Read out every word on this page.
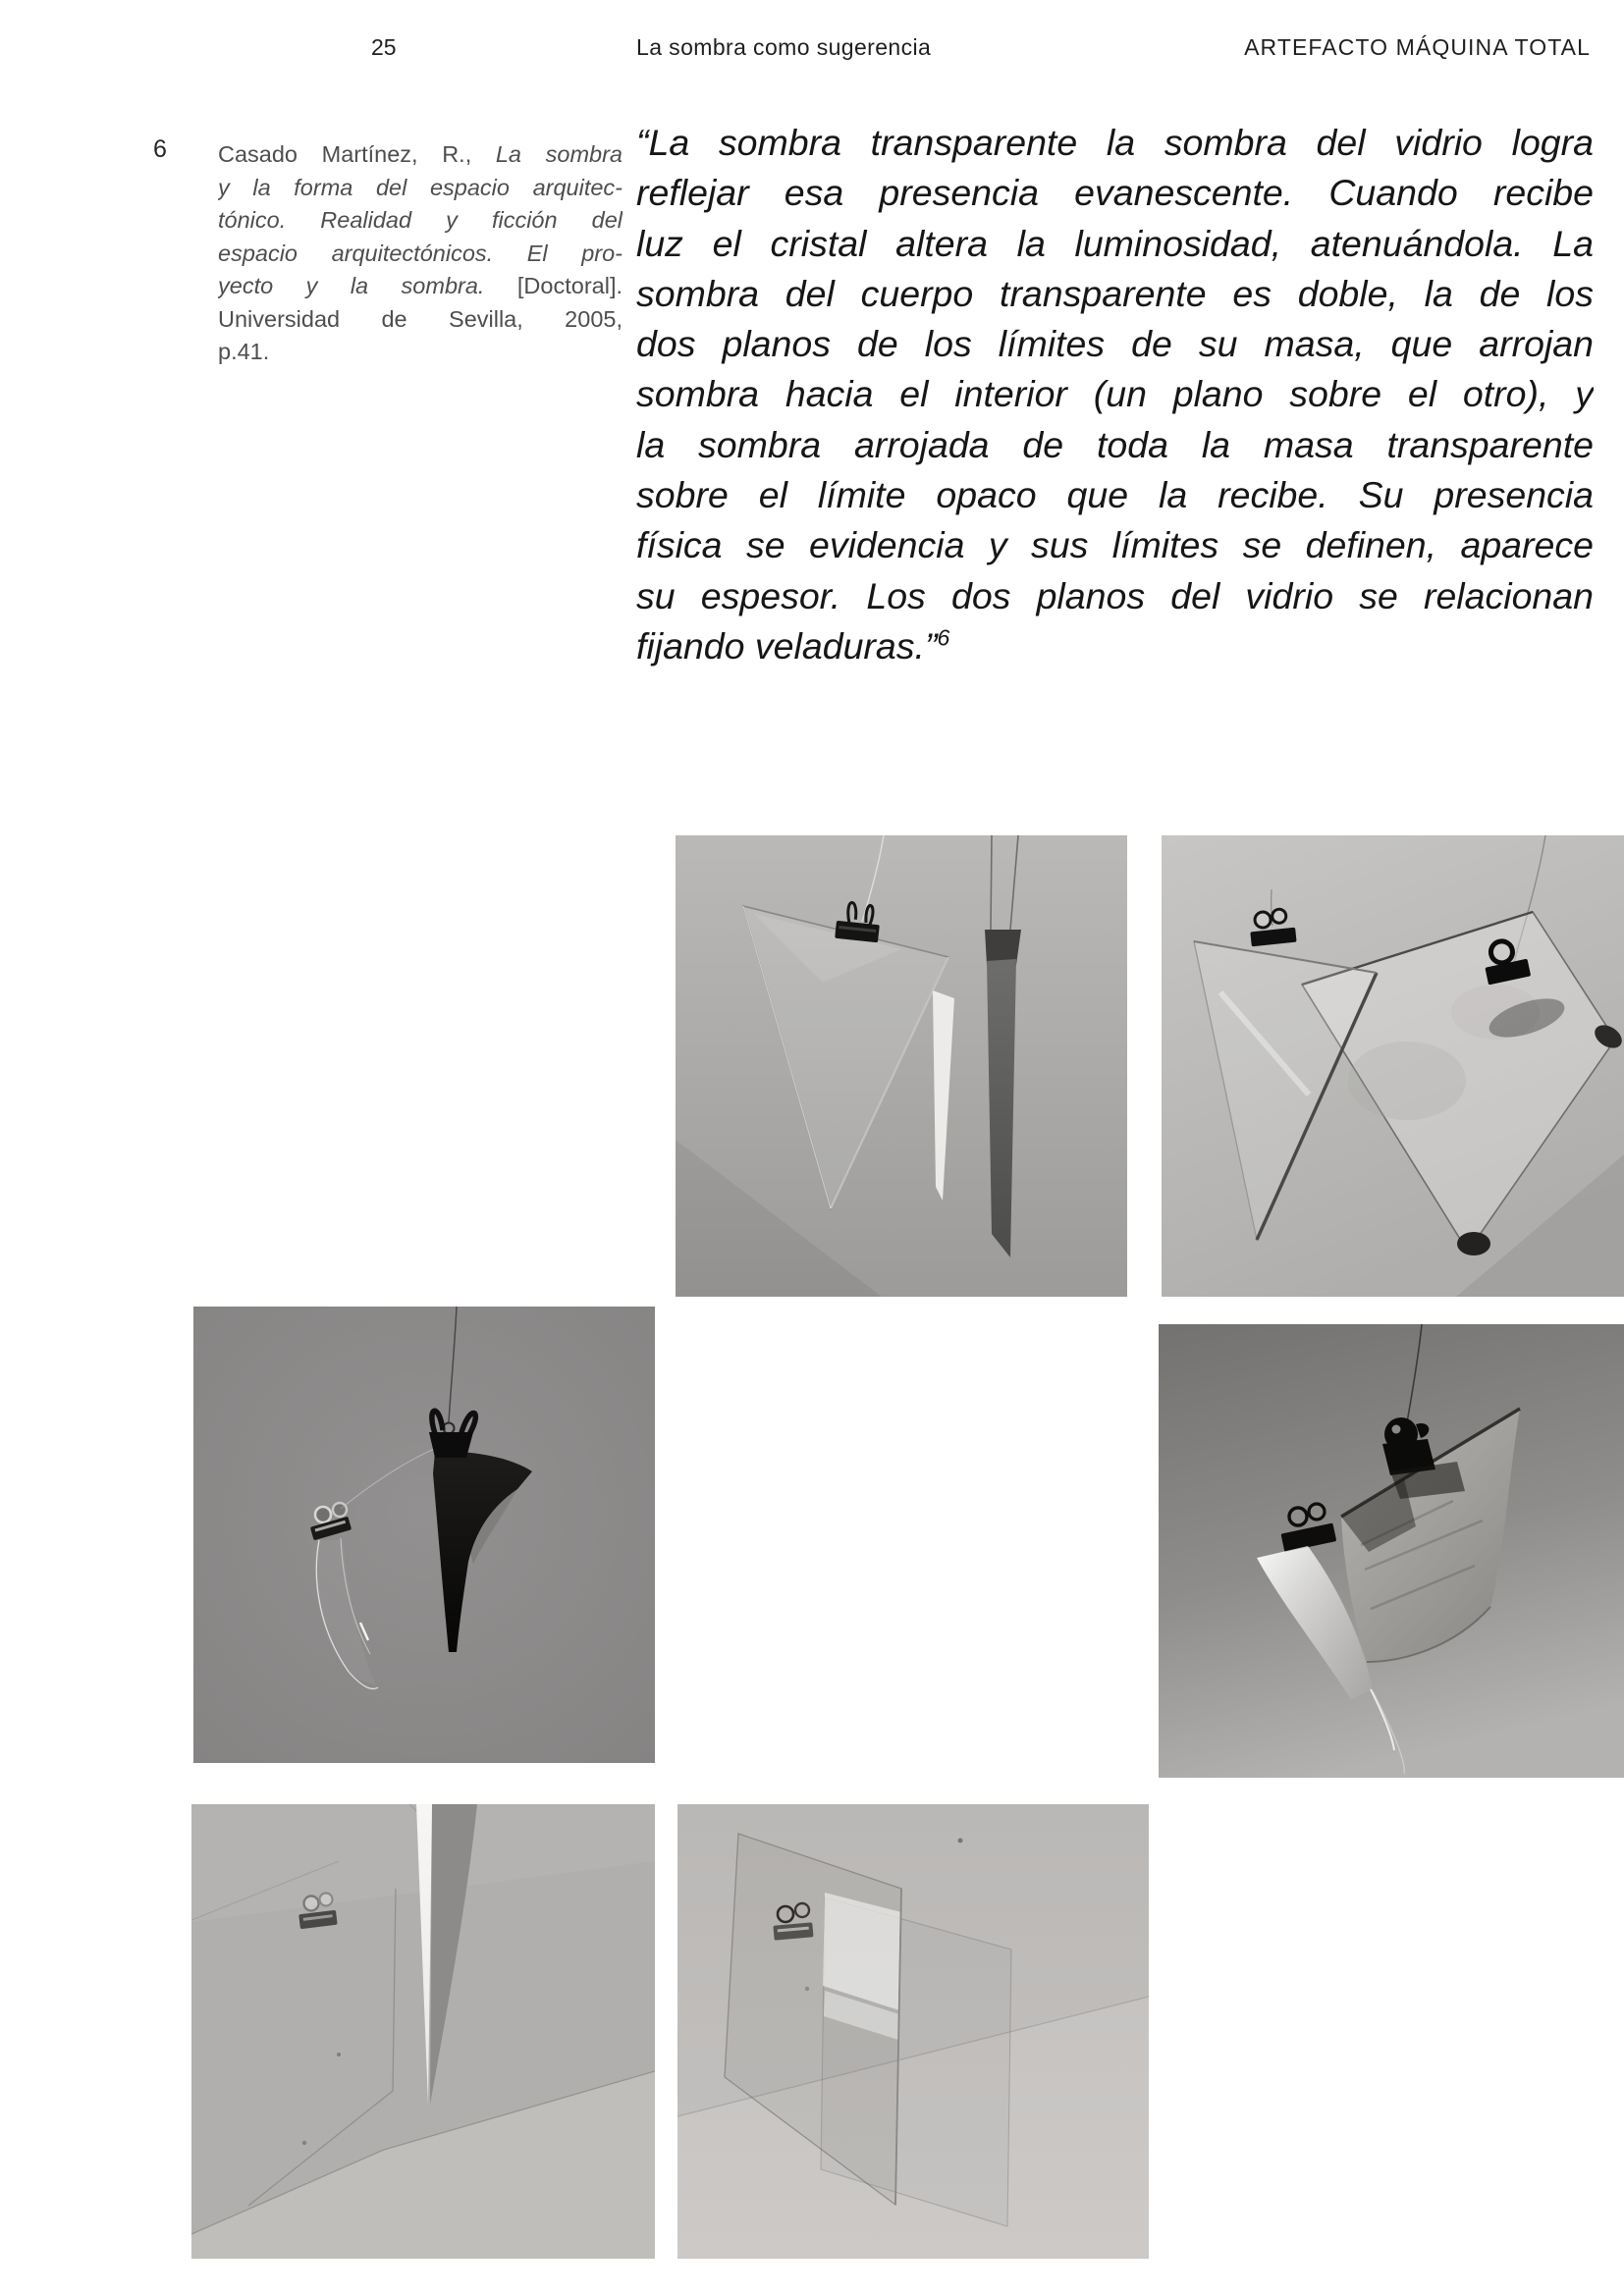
25	La sombra como sugerencia	ARTEFACTO MÁQUINA TOTAL
6 Casado Martínez, R., La sombra
y la forma del espacio arquitec-
tónico. Realidad y ficción del
espacio arquitectónicos. El pro-
yecto y la sombra. [Doctoral].
Universidad de Sevilla, 2005,
p.41.
“La sombra transparente la sombra del vidrio logra
reflejar esa presencia evanescente. Cuando recibe
luz el cristal altera la luminosidad, atenuándola. La
sombra del cuerpo transparente es doble, la de los
dos planos de los límites de su masa, que arrojan
sombra hacia el interior (un plano sobre el otro), y
la sombra arrojada de toda la masa transparente
sobre el límite opaco que la recibe. Su presencia
física se evidencia y sus límites se definen, aparece
su espesor. Los dos planos del vidrio se relacionan
fijando veladuras.”$^6$
